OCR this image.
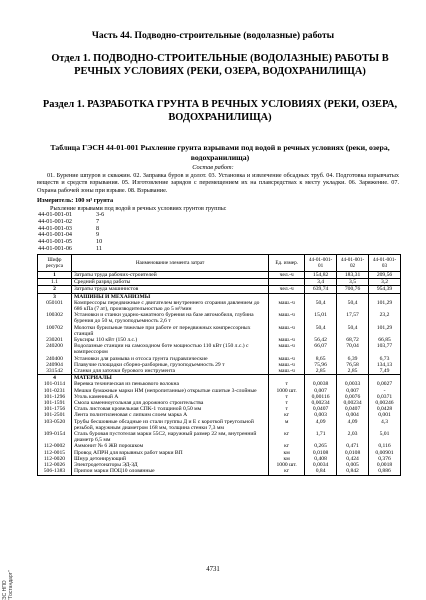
Часть 44. Подводно-строительные (водолазные) работы
Отдел 1. ПОДВОДНО-СТРОИТЕЛЬНЫЕ (ВОДОЛАЗНЫЕ) РАБОТЫ В РЕЧНЫХ УСЛОВИЯХ (РЕКИ, ОЗЕРА, ВОДОХРАНИЛИЩА)
Раздел 1. РАЗРАБОТКА ГРУНТА В РЕЧНЫХ УСЛОВИЯХ (РЕКИ, ОЗЕРА, ВОДОХРАНИЛИЩА)
Таблица ГЭСН 44-01-001 Рыхление грунта взрывами под водой в речных условиях (реки, озера, водохранилища)
Состав работ:
01. Бурение шпуров и скважин. 02. Заправка буров и долот. 03. Установка и извлечение обсадных труб. 04. Подготовка взрывчатых веществ и средств взрывания. 05. Изготовление зарядов с перемещением их на плавсредствах к месту укладки. 06. Заряжение. 07. Охрана рабочей зоны при взрыве. 08. Взрывание.
Измеритель: 100 м³ грунта
Рыхление взрывами под водой в речных условиях грунтов группы:
44-01-001-01	3-6
44-01-001-02	7
44-01-001-03	8
44-01-001-04	9
44-01-001-05	10
44-01-001-06	11
Шифр ресурса	Наименование элемента затрат	Ед. измер.	44-01-001-01	44-01-001-02	44-01-001-03
1	Затраты труда рабочих-строителей	чел.-ч	154,82	183,31	209,56
1.1	Средний разряд работы		3,4	3,5	3,2
2	Затраты труда машинистов	чел.-ч	639,74	700,76	954,39
3	МАШИНЫ И МЕХАНИЗМЫ				
050101	Компрессоры передвижные с двигателем внутреннего сгорания давлением до 686 кПа (7 ат), производительностью до 5 м³/мин	маш.-ч	50,4	50,4	101,29
100302	Установки и станки ударно-канатного бурения на базе автомобиля, глубина бурения до 50 м, грузоподъемность 2,6 т	маш.-ч	15,01	17,57	23,2
100702	Молотки бурильные тяжелые при работе от передвижных компрессорных станций	маш.-ч	50,4	50,4	101,29
230201	Буксиры 110 кВт (150 л.с.)	маш.-ч	56,42	68,72	66,85
240200	Водолазные станции на самоходном боте мощностью 110 кВт (150 л.с.) с компрессором	маш.-ч	66,07	70,04	103,77
240400	Установки для размыва и отсоса грунта гидравлические	маш.-ч	8,65	6,39	6,73
240904	Плавучие площадки сборно-разборные, грузоподъемность 29 т	маш.-ч	75,96	76,58	134,13
331542	Станки для заточки бурового инструмента	маш.-ч	2,85	2,85	7,49
4	МАТЕРИАЛЫ				
101-0114	Веревка техническая из пенькового волокна	т	0,0038	0,0033	0,0027
101-0231	Мешки бумажные марки НМ (непропитанные) открытые сшитые 3-слойные	1000 шт.	0,007	0,007	-
101-1296	Уголь каменный А	т	0,00116	0,0076	0,0371
101-1591	Смола каменноугольная для дорожного строительства	т	0,00234	0,00234	0,00246
101-1756	Сталь листовая кровельная СПК-1 толщиной 0,50 мм	т	0,0407	0,0407	0,0428
101-2501	Лента полиэтиленовая с липким слоем марка А	кг	0,003	0,004	0,001
103-0520	Трубы бесшовные обсадные из стали группы Д и Е с короткой треугольной резьбой, наружным диаметром 168 мм, толщина стенки 7,3 мм	м	4,09	4,09	4,3
109-0154	Сталь буровая пустотелая марки 55С2, наружный размер 22 мм, внутренний диаметр 6,5 мм	кг	1,71	2,03	5,01
112-0002	Аммонит № 6 ЖВ порошком	кг	0,265	0,471	0,116
112-0015	Провод АПРН для взрывных работ марки ВП	км	0,0108	0,0108	0,00901
112-0020	Шнур детонирующий	км	0,408	0,424	0,376
112-0026	Электродетонаторы ЭД-ЗД	1000 шт.	0,0034	0,005	0,0018
506-1383	Припои марки ПОЦ10 оловянные	кг	0,84	0,842	0,886
4731
ЭС НПО "Гостандарт"
